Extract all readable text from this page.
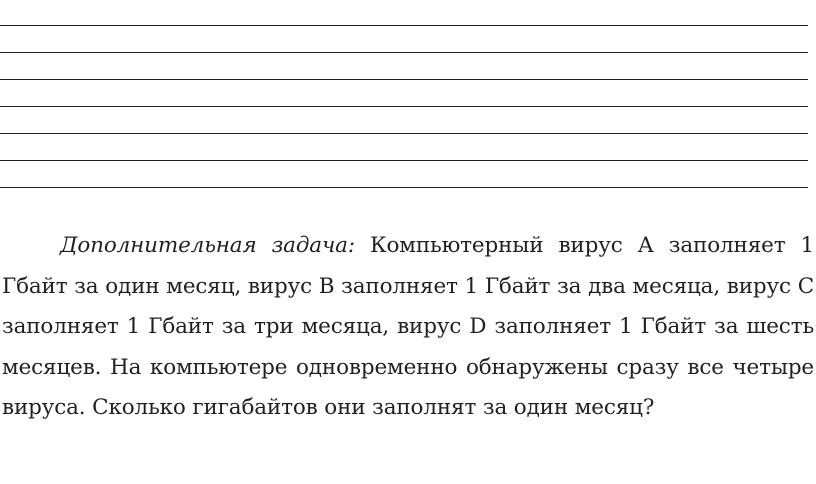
Дополнительная задача: Компьютерный вирус А заполняет 1 Гбайт за один месяц, вирус В заполняет 1 Гбайт за два месяца, вирус С заполняет 1 Гбайт за три месяца, вирус D заполняет 1 Гбайт за шесть месяцев. На компьютере одновременно обнаружены сразу все четыре вируса. Сколько гигабайтов они заполнят за один месяц?
